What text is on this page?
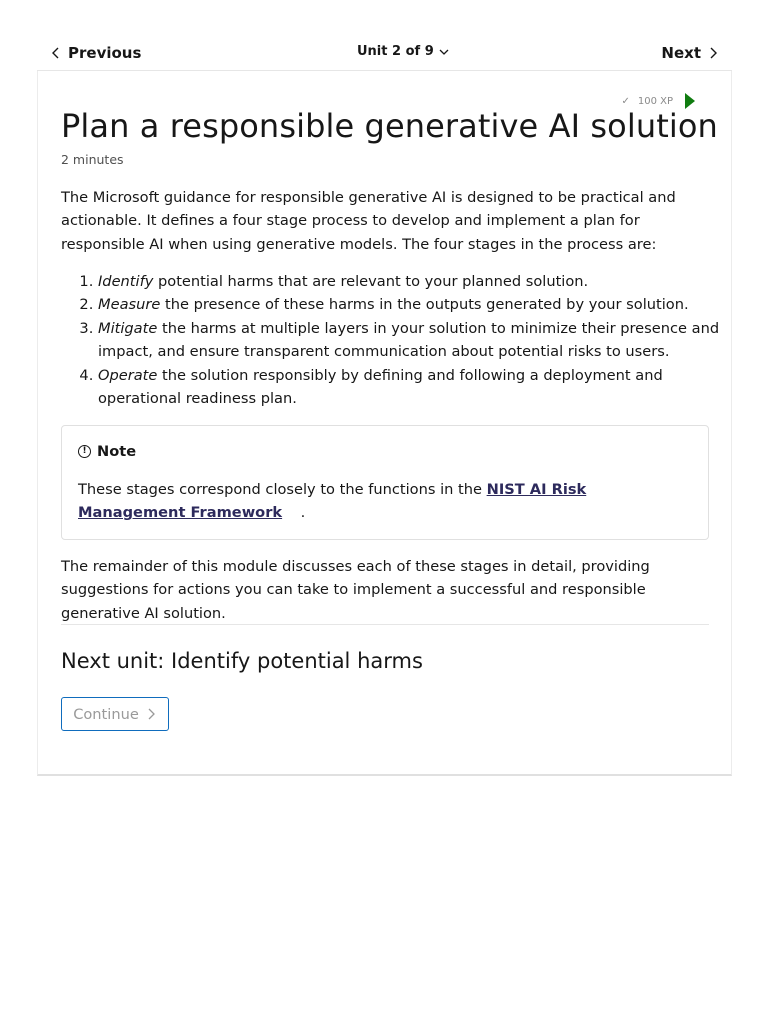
Previous	Unit 2 of 9	Next
✓ 100 XP
Plan a responsible generative AI solution
2 minutes

The Microsoft guidance for responsible generative AI is designed to be practical and actionable. It defines a four stage process to develop and implement a plan for responsible AI when using generative models. The four stages in the process are:

1. Identify potential harms that are relevant to your planned solution.
2. Measure the presence of these harms in the outputs generated by your solution.
3. Mitigate the harms at multiple layers in your solution to minimize their presence and impact, and ensure transparent communication about potential risks to users.
4. Operate the solution responsibly by defining and following a deployment and operational readiness plan.
! Note

These stages correspond closely to the functions in the NIST AI Risk Management Framework .

The remainder of this module discusses each of these stages in detail, providing suggestions for actions you can take to implement a successful and responsible generative AI solution.

Next unit: Identify potential harms
Continue
